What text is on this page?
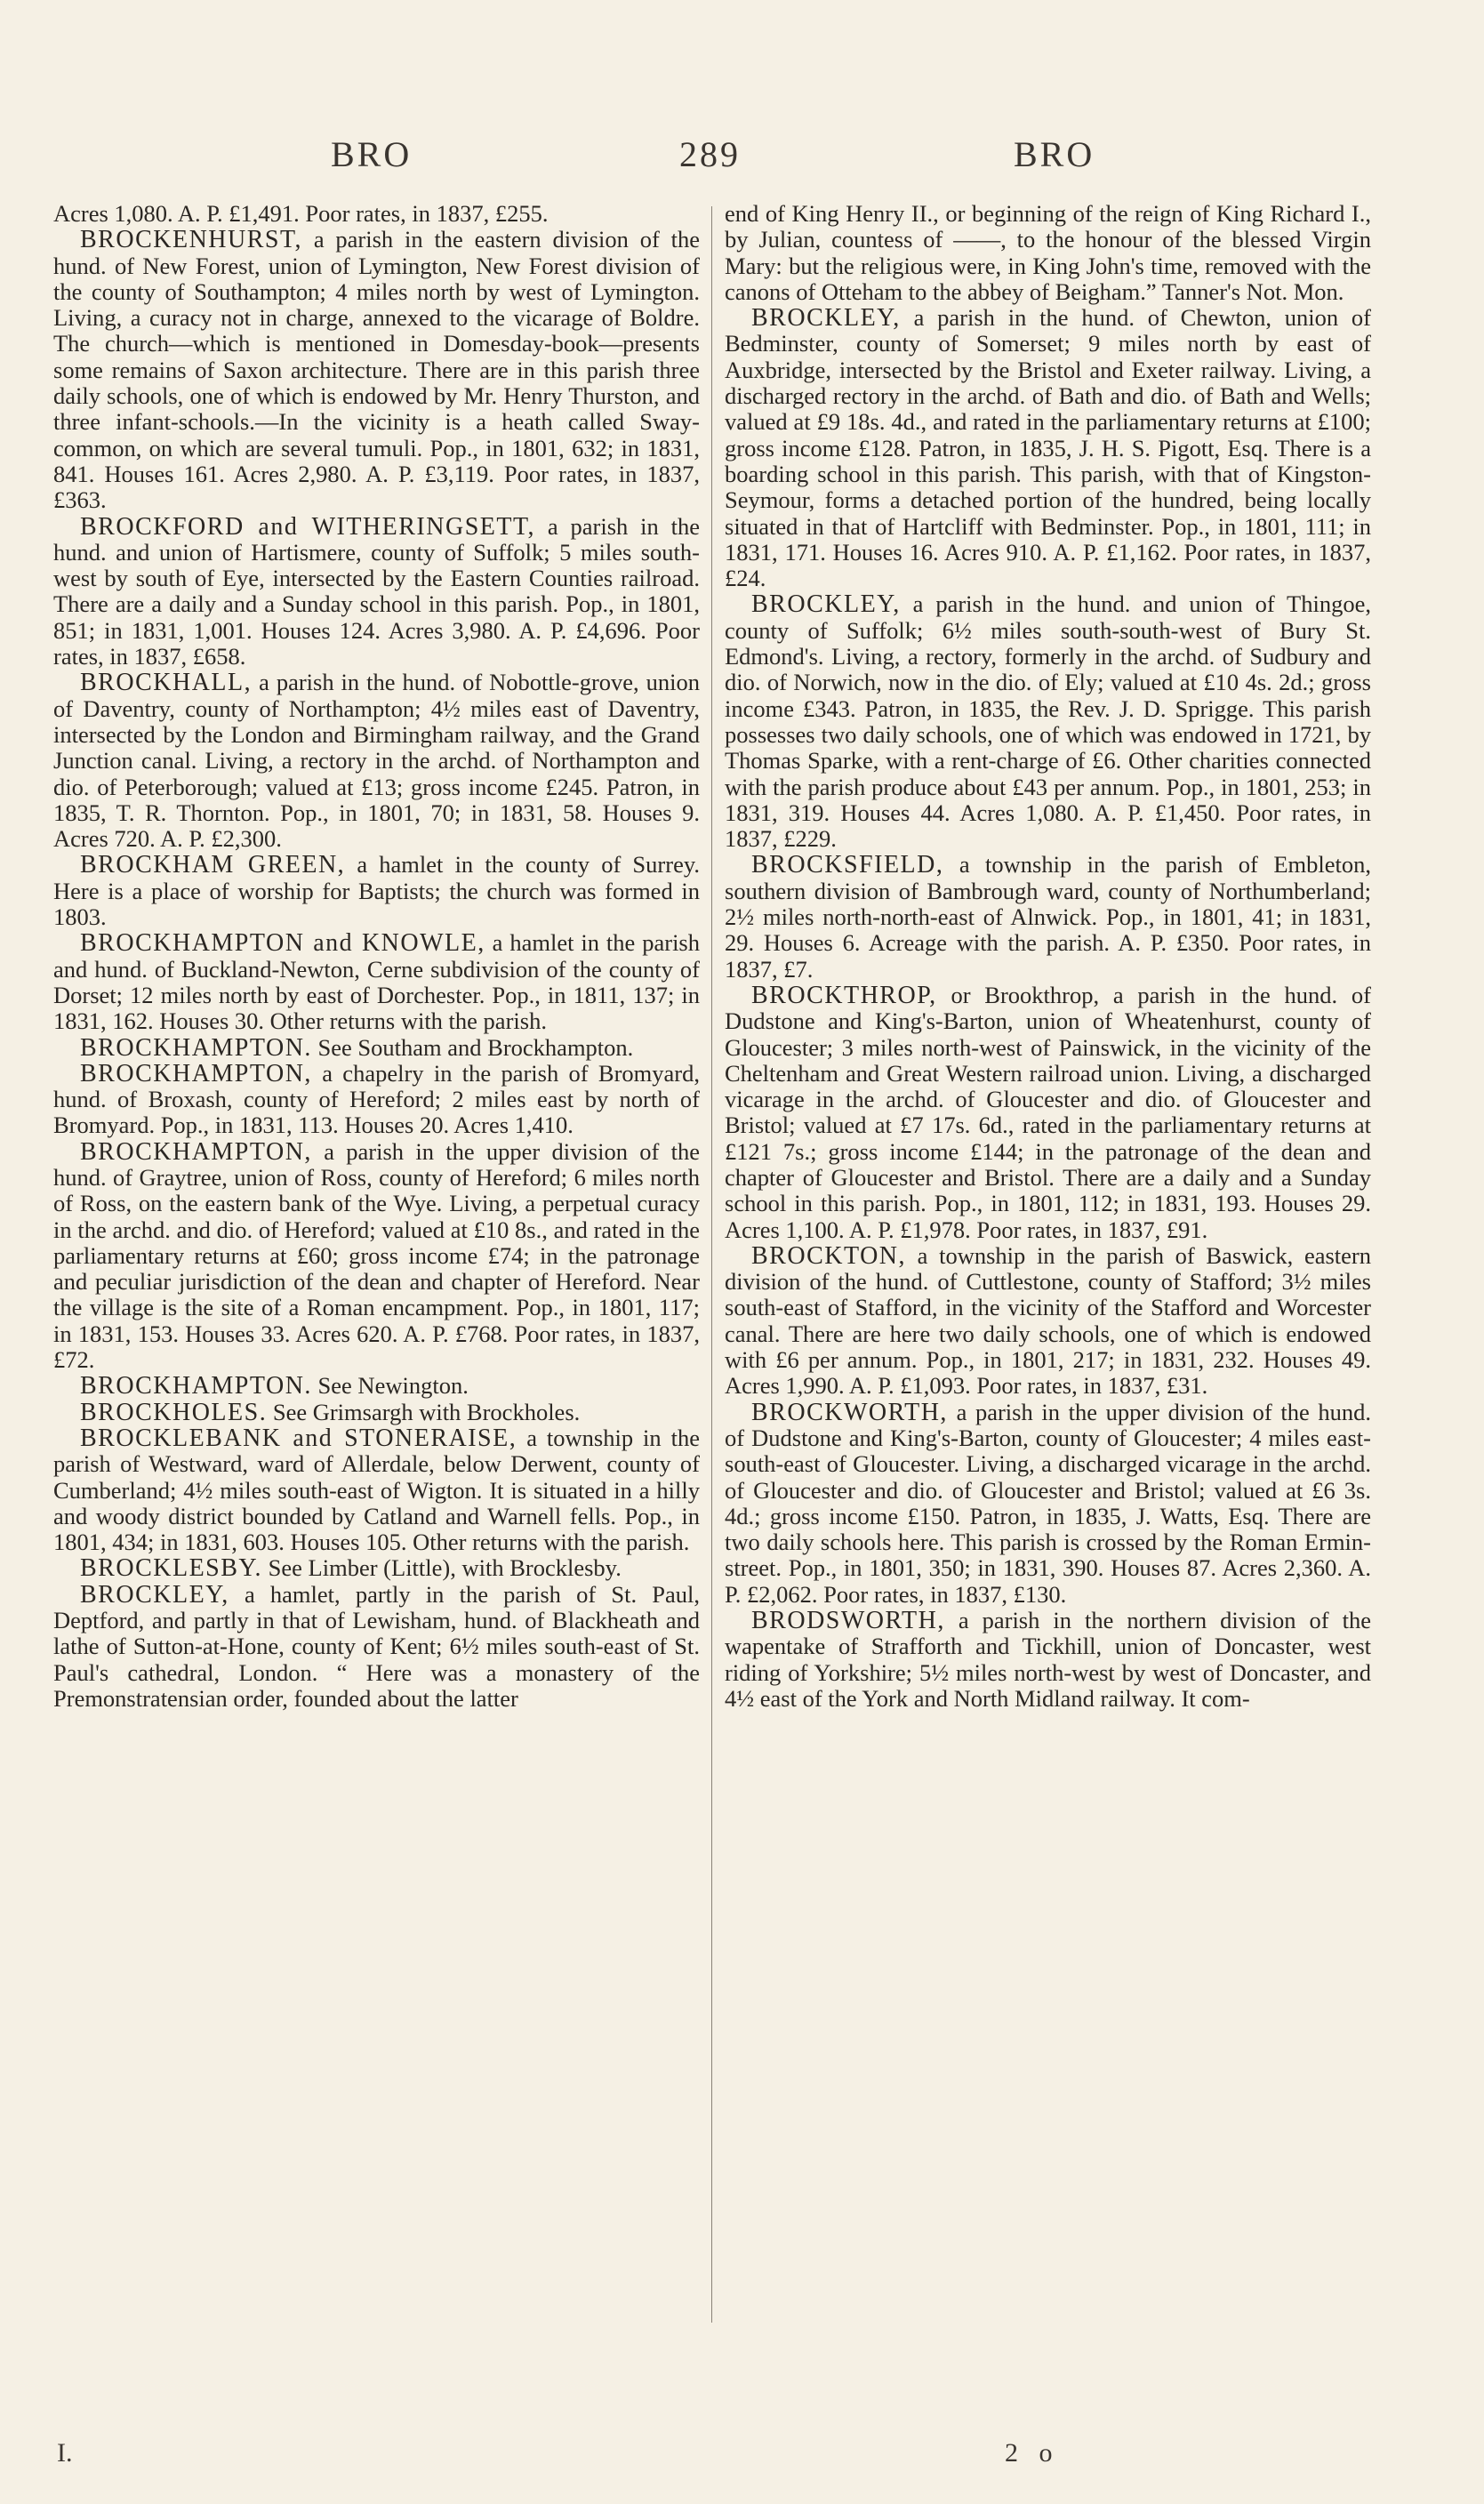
BRO	289	BRO

Acres 1,080. A. P. £1,491. Poor rates, in 1837, £255.

BROCKENHURST, a parish in the eastern division of the hund. of New Forest, union of Lymington, New Forest division of the county of Southampton; 4 miles north by west of Lymington. Living, a curacy not in charge, annexed to the vicarage of Boldre. The church—which is mentioned in Domesday-book—presents some remains of Saxon architecture. There are in this parish three daily schools, one of which is endowed by Mr. Henry Thurston, and three infant-schools.—In the vicinity is a heath called Sway-common, on which are several tumuli. Pop., in 1801, 632; in 1831, 841. Houses 161. Acres 2,980. A. P. £3,119. Poor rates, in 1837, £363.

BROCKFORD and WITHERINGSETT, a parish in the hund. and union of Hartismere, county of Suffolk; 5 miles south-west by south of Eye, intersected by the Eastern Counties railroad. There are a daily and a Sunday school in this parish. Pop., in 1801, 851; in 1831, 1,001. Houses 124. Acres 3,980. A. P. £4,696. Poor rates, in 1837, £658.

BROCKHALL, a parish in the hund. of Nobottle-grove, union of Daventry, county of Northampton; 4½ miles east of Daventry, intersected by the London and Birmingham railway, and the Grand Junction canal. Living, a rectory in the archd. of Northampton and dio. of Peterborough; valued at £13; gross income £245. Patron, in 1835, T. R. Thornton. Pop., in 1801, 70; in 1831, 58. Houses 9. Acres 720. A. P. £2,300.

BROCKHAM GREEN, a hamlet in the county of Surrey. Here is a place of worship for Baptists; the church was formed in 1803.

BROCKHAMPTON and KNOWLE, a hamlet in the parish and hund. of Buckland-Newton, Cerne subdivision of the county of Dorset; 12 miles north by east of Dorchester. Pop., in 1811, 137; in 1831, 162. Houses 30. Other returns with the parish.

BROCKHAMPTON. See Southam and Brockhampton.

BROCKHAMPTON, a chapelry in the parish of Bromyard, hund. of Broxash, county of Hereford; 2 miles east by north of Bromyard. Pop., in 1831, 113. Houses 20. Acres 1,410.

BROCKHAMPTON, a parish in the upper division of the hund. of Graytree, union of Ross, county of Hereford; 6 miles north of Ross, on the eastern bank of the Wye. Living, a perpetual curacy in the archd. and dio. of Hereford; valued at £10 8s., and rated in the parliamentary returns at £60; gross income £74; in the patronage and peculiar jurisdiction of the dean and chapter of Hereford. Near the village is the site of a Roman encampment. Pop., in 1801, 117; in 1831, 153. Houses 33. Acres 620. A. P. £768. Poor rates, in 1837, £72.

BROCKHAMPTON. See Newington.

BROCKHOLES. See Grimsargh with Brockholes.

BROCKLEBANK and STONERAISE, a township in the parish of Westward, ward of Allerdale, below Derwent, county of Cumberland; 4½ miles south-east of Wigton. It is situated in a hilly and woody district bounded by Catland and Warnell fells. Pop., in 1801, 434; in 1831, 603. Houses 105. Other returns with the parish.

BROCKLESBY. See Limber (Little), with Brocklesby.

BROCKLEY, a hamlet, partly in the parish of St. Paul, Deptford, and partly in that of Lewisham, hund. of Blackheath and lathe of Sutton-at-Hone, county of Kent; 6½ miles south-east of St. Paul's cathedral, London. “ Here was a monastery of the Premonstratensian order, founded about the latter

end of King Henry II., or beginning of the reign of King Richard I., by Julian, countess of ——, to the honour of the blessed Virgin Mary: but the religious were, in King John's time, removed with the canons of Otteham to the abbey of Beigham.” Tanner's Not. Mon.

BROCKLEY, a parish in the hund. of Chewton, union of Bedminster, county of Somerset; 9 miles north by east of Auxbridge, intersected by the Bristol and Exeter railway. Living, a discharged rectory in the archd. of Bath and dio. of Bath and Wells; valued at £9 18s. 4d., and rated in the parliamentary returns at £100; gross income £128. Patron, in 1835, J. H. S. Pigott, Esq. There is a boarding school in this parish. This parish, with that of Kingston-Seymour, forms a detached portion of the hundred, being locally situated in that of Hartcliff with Bedminster. Pop., in 1801, 111; in 1831, 171. Houses 16. Acres 910. A. P. £1,162. Poor rates, in 1837, £24.

BROCKLEY, a parish in the hund. and union of Thingoe, county of Suffolk; 6½ miles south-south-west of Bury St. Edmond's. Living, a rectory, formerly in the archd. of Sudbury and dio. of Norwich, now in the dio. of Ely; valued at £10 4s. 2d.; gross income £343. Patron, in 1835, the Rev. J. D. Sprigge. This parish possesses two daily schools, one of which was endowed in 1721, by Thomas Sparke, with a rent-charge of £6. Other charities connected with the parish produce about £43 per annum. Pop., in 1801, 253; in 1831, 319. Houses 44. Acres 1,080. A. P. £1,450. Poor rates, in 1837, £229.

BROCKSFIELD, a township in the parish of Embleton, southern division of Bambrough ward, county of Northumberland; 2½ miles north-north-east of Alnwick. Pop., in 1801, 41; in 1831, 29. Houses 6. Acreage with the parish. A. P. £350. Poor rates, in 1837, £7.

BROCKTHROP, or Brookthrop, a parish in the hund. of Dudstone and King's-Barton, union of Wheatenhurst, county of Gloucester; 3 miles north-west of Painswick, in the vicinity of the Cheltenham and Great Western railroad union. Living, a discharged vicarage in the archd. of Gloucester and dio. of Gloucester and Bristol; valued at £7 17s. 6d., rated in the parliamentary returns at £121 7s.; gross income £144; in the patronage of the dean and chapter of Gloucester and Bristol. There are a daily and a Sunday school in this parish. Pop., in 1801, 112; in 1831, 193. Houses 29. Acres 1,100. A. P. £1,978. Poor rates, in 1837, £91.

BROCKTON, a township in the parish of Baswick, eastern division of the hund. of Cuttlestone, county of Stafford; 3½ miles south-east of Stafford, in the vicinity of the Stafford and Worcester canal. There are here two daily schools, one of which is endowed with £6 per annum. Pop., in 1801, 217; in 1831, 232. Houses 49. Acres 1,990. A. P. £1,093. Poor rates, in 1837, £31.

BROCKWORTH, a parish in the upper division of the hund. of Dudstone and King's-Barton, county of Gloucester; 4 miles east-south-east of Gloucester. Living, a discharged vicarage in the archd. of Gloucester and dio. of Gloucester and Bristol; valued at £6 3s. 4d.; gross income £150. Patron, in 1835, J. Watts, Esq. There are two daily schools here. This parish is crossed by the Roman Ermin-street. Pop., in 1801, 350; in 1831, 390. Houses 87. Acres 2,360. A. P. £2,062. Poor rates, in 1837, £130.

BRODSWORTH, a parish in the northern division of the wapentake of Strafforth and Tickhill, union of Doncaster, west riding of Yorkshire; 5½ miles north-west by west of Doncaster, and 4½ east of the York and North Midland railway. It com-

I.	2 o
